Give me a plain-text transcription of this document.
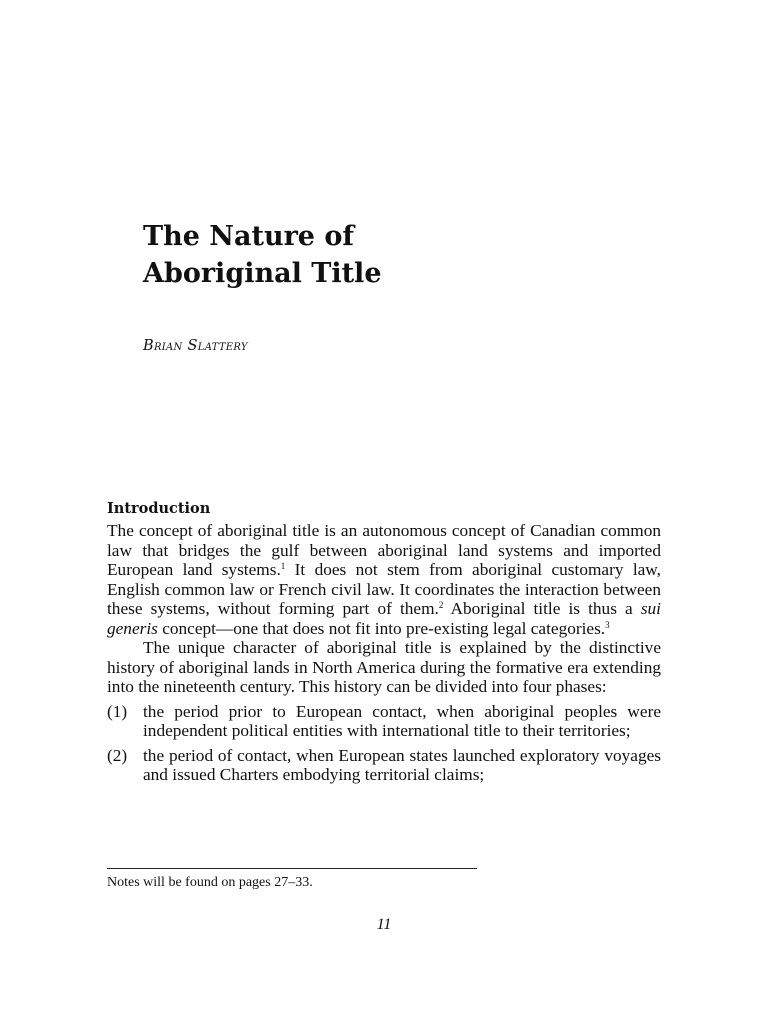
The Nature of
Aboriginal Title

Brian Slattery

Introduction

The concept of aboriginal title is an autonomous concept of Canadian common law that bridges the gulf between aboriginal land systems and imported European land systems.$^1$ It does not stem from aboriginal customary law, English common law or French civil law. It coordinates the interaction between these systems, without forming part of them.$^2$ Aboriginal title is thus a sui generis concept—one that does not fit into pre-existing legal categories.$^3$

The unique character of aboriginal title is explained by the distinctive history of aboriginal lands in North America during the formative era extending into the nineteenth century. This history can be divided into four phases:

(1) the period prior to European contact, when aboriginal peoples were independent political entities with international title to their territories;
(2) the period of contact, when European states launched exploratory voyages and issued Charters embodying territorial claims;
Notes will be found on pages 27–33.
11
